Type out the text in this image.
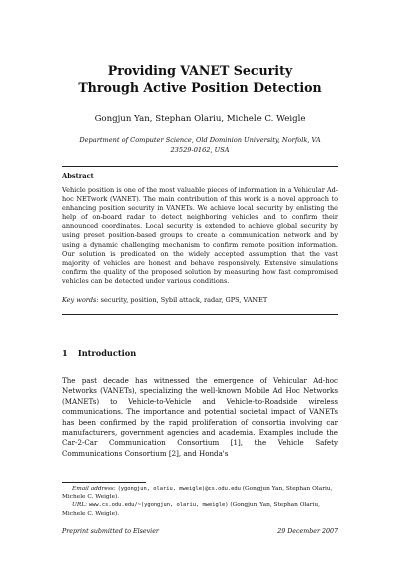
Providing VANET Security
Through Active Position Detection
Gongjun Yan, Stephan Olariu, Michele C. Weigle
Department of Computer Science, Old Dominion University, Norfolk, VA
23529-0162, USA
Abstract
Vehicle position is one of the most valuable pieces of information in a Vehicular Ad-hoc NETwork (VANET). The main contribution of this work is a novel approach to enhancing position security in VANETs. We achieve local security by enlisting the help of on-board radar to detect neighboring vehicles and to confirm their announced coordinates. Local security is extended to achieve global security by using preset position-based groups to create a communication network and by using a dynamic challenging mechanism to confirm remote position information. Our solution is predicated on the widely accepted assumption that the vast majority of vehicles are honest and behave responsively. Extensive simulations confirm the quality of the proposed solution by measuring how fast compromised vehicles can be detected under various conditions.
Key words: security, position, Sybil attack, radar, GPS, VANET
1 Introduction
The past decade has witnessed the emergence of Vehicular Ad-hoc Networks (VANETs), specializing the well-known Mobile Ad Hoc Networks (MANETs) to Vehicle-to-Vehicle and Vehicle-to-Roadside wireless communications. The importance and potential societal impact of VANETs has been confirmed by the rapid proliferation of consortia involving car manufacturers, government agencies and academia. Examples include the Car-2-Car Communication Consortium [1], the Vehicle Safety Communications Consortium [2], and Honda's

Email address: (ygongjun, olariu, mweigle)@cs.odu.edu (Gongjun Yan, Stephan Olariu, Michele C. Weigle).

URL: www.cs.odu.edu/~(ygongjun, olariu, mweigle) (Gongjun Yan, Stephan Olariu, Michele C. Weigle).

Preprint submitted to Elsevier	29 December 2007
